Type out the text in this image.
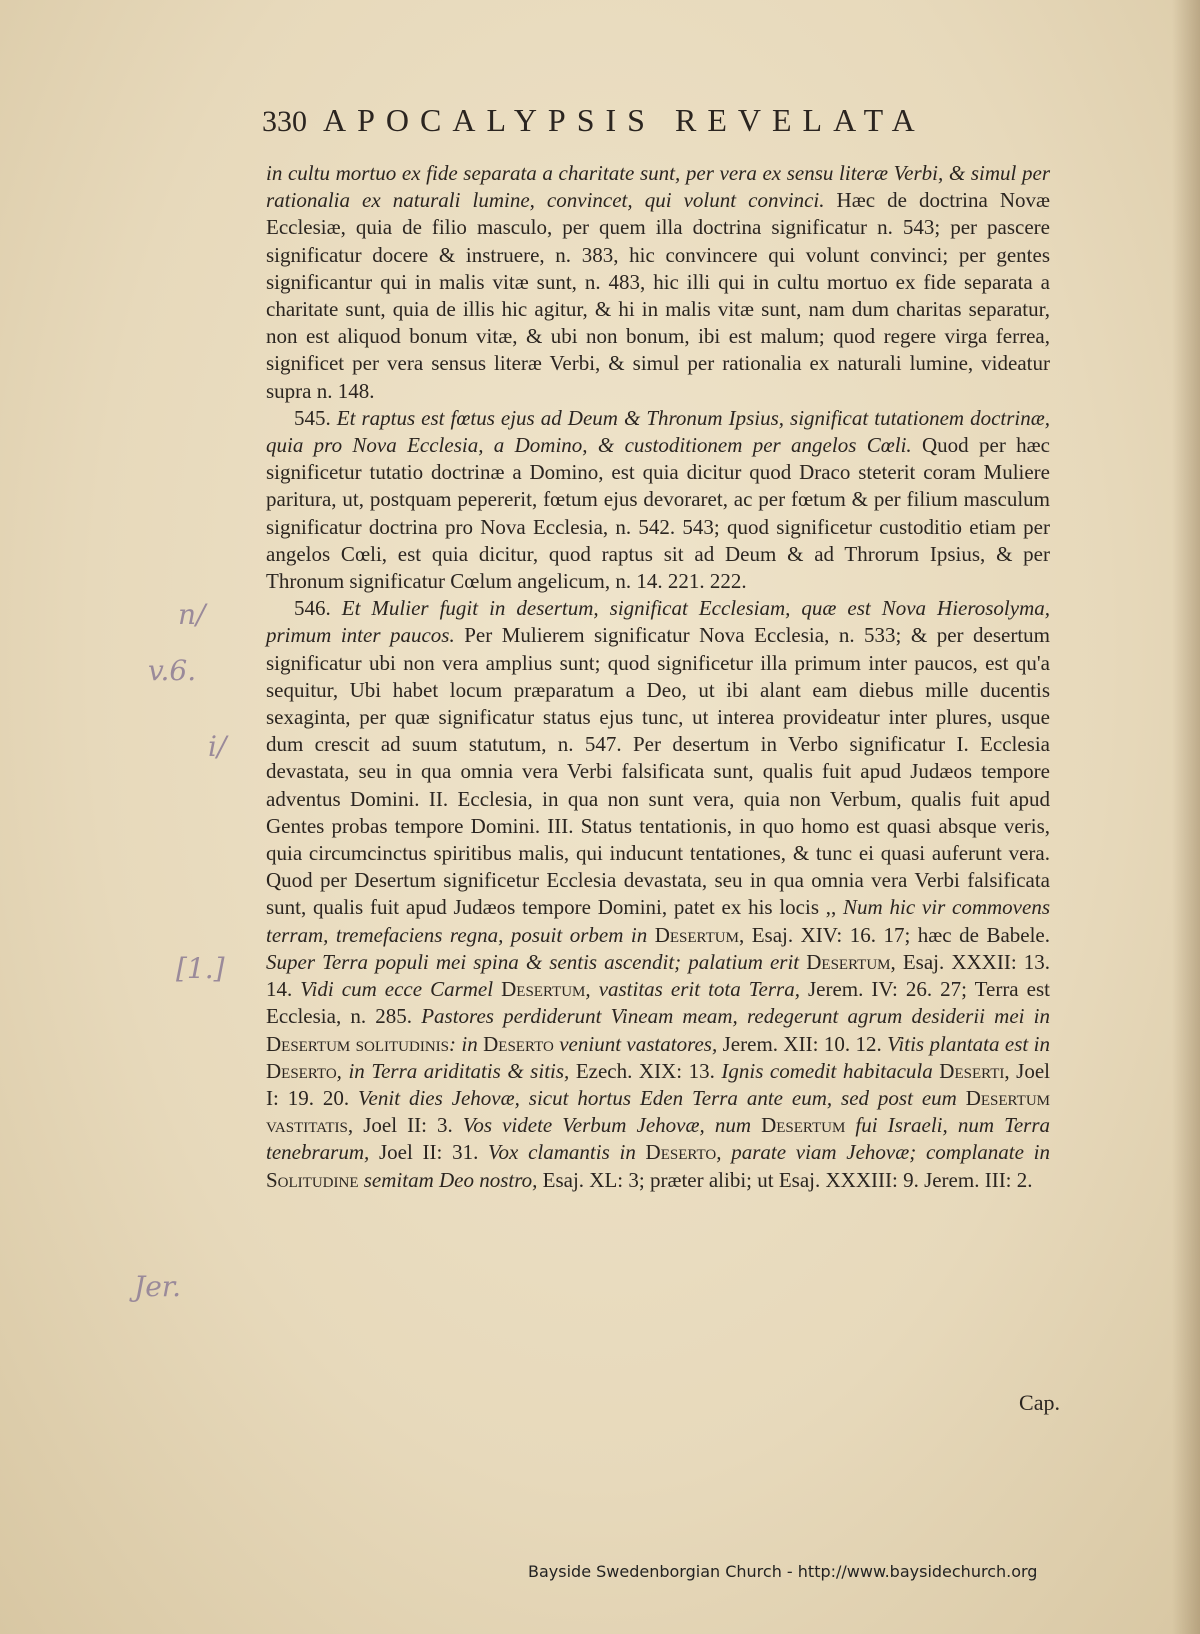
330 APOCALYPSIS REVELATA

in cultu mortuo ex fide separata a charitate sunt, per vera ex sensu literæ Verbi, & simul per rationalia ex naturali lumine, convincet, qui volunt convinci. Hæc de doctrina Novæ Ecclesiæ, quia de filio masculo, per quem illa doctrina significatur n. 543; per pascere significatur docere & instruere, n. 383, hic convincere qui volunt convinci; per gentes significantur qui in malis vitæ sunt, n. 483, hic illi qui in cultu mortuo ex fide separata a charitate sunt, quia de illis hic agitur, & hi in malis vitæ sunt, nam dum charitas separatur, non est aliquod bonum vitæ, & ubi non bonum, ibi est malum; quod regere virga ferrea, significet per vera sensus literæ Verbi, & simul per rationalia ex naturali lumine, videatur supra n. 148.

545. Et raptus est fœtus ejus ad Deum & Thronum Ipsius, significat tutationem doctrinæ, quia pro Nova Ecclesia, a Domino, & custoditionem per angelos Cœli. Quod per hæc significetur tutatio doctrinæ a Domino, est quia dicitur quod Draco steterit coram Muliere paritura, ut, postquam pepererit, fœtum ejus devoraret, ac per fœtum & per filium masculum significatur doctrina pro Nova Ecclesia, n. 542. 543; quod significetur custoditio etiam per angelos Cœli, est quia dicitur, quod raptus sit ad Deum & ad Throrum Ipsius, & per Thronum significatur Cœlum angelicum, n. 14. 221. 222.

546. Et Mulier fugit in desertum, significat Ecclesiam, quæ est Nova Hierosolyma, primum inter paucos. Per Mulierem significatur Nova Ecclesia, n. 533; & per desertum significatur ubi non vera amplius sunt; quod significetur illa primum inter paucos, est qu'a sequitur, Ubi habet locum præparatum a Deo, ut ibi alant eam diebus mille ducentis sexaginta, per quæ significatur status ejus tunc, ut interea provideatur inter plures, usque dum crescit ad suum statutum, n. 547. Per desertum in Verbo significatur I. Ecclesia devastata, seu in qua omnia vera Verbi falsificata sunt, qualis fuit apud Judæos tempore adventus Domini. II. Ecclesia, in qua non sunt vera, quia non Verbum, qualis fuit apud Gentes probas tempore Domini. III. Status tentationis, in quo homo est quasi absque veris, quia circumcinctus spiritibus malis, qui inducunt tentationes, & tunc ei quasi auferunt vera. Quod per Desertum significetur Ecclesia devastata, seu in qua omnia vera Verbi falsificata sunt, qualis fuit apud Judæos tempore Domini, patet ex his locis ,, Num hic vir commovens terram, tremefaciens regna, posuit orbem in Desertum, Esaj. XIV: 16. 17; hæc de Babele. Super Terra populi mei spina & sentis ascendit; palatium erit Desertum, Esaj. XXXII: 13. 14. Vidi cum ecce Carmel Desertum, vastitas erit tota Terra, Jerem. IV: 26. 27; Terra est Ecclesia, n. 285. Pastores perdiderunt Vineam meam, redegerunt agrum desiderii mei in Desertum solitudinis: in Deserto veniunt vastatores, Jerem. XII: 10. 12. Vitis plantata est in Deserto, in Terra ariditatis & sitis, Ezech. XIX: 13. Ignis comedit habitacula Deserti, Joel I: 19. 20. Venit dies Jehovæ, sicut hortus Eden Terra ante eum, sed post eum Desertum vastitatis, Joel II: 3. Vos videte Verbum Jehovæ, num Desertum fui Israeli, num Terra tenebrarum, Joel II: 31. Vox clamantis in Deserto, parate viam Jehovæ; complanate in Solitudine semitam Deo nostro, Esaj. XL: 3; præter alibi; ut Esaj. XXXIII: 9. Jerem. III: 2.

Cap.
n/
v.6.
i/
[1.]
Jer.
Bayside Swedenborgian Church - http://www.baysidechurch.org
